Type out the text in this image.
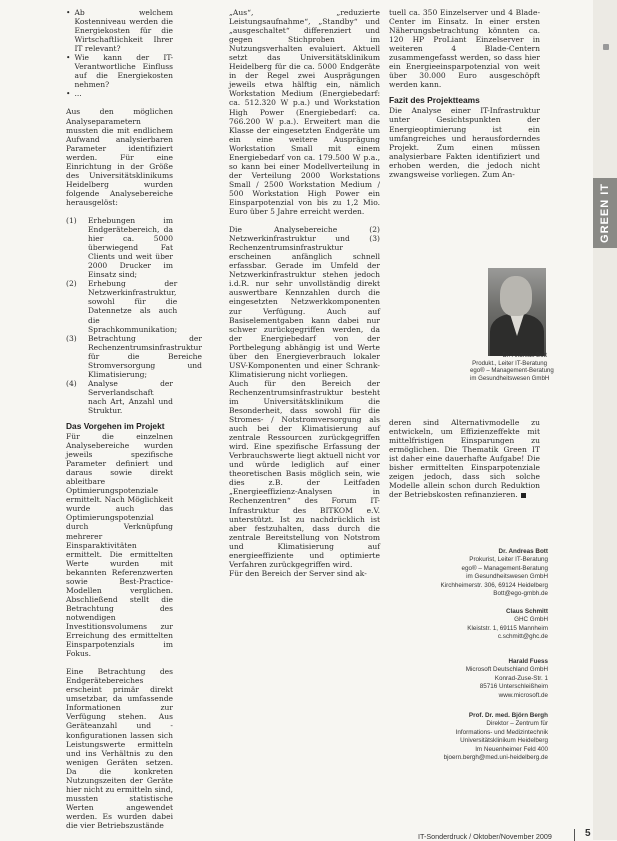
GREEN IT
• Ab welchem Kostenniveau werden die Energiekosten für die Wirtschaftlichkeit Ihrer IT relevant?
• Wie kann der IT-Verantwortliche Einfluss auf die Energiekosten nehmen?
• ...

Aus den möglichen Analyseparametern mussten die mit endlichem Aufwand analysierbaren Parameter identifiziert werden. Für eine Einrichtung in der Größe des Universitätsklinikums Heidelberg wurden folgende Analysebereiche herausgelöst:

(1)	Erhebungen im Endgerätebereich, da hier ca. 5000 überwiegend Fat Clients und weit über 2000 Drucker im Einsatz sind;
(2)	Erhebung der Netzwerkinfrastruktur, sowohl für die Datennetze als auch die Sprachkommunikation;
(3)	Betrachtung der Rechenzentrumsinfrastruktur für die Bereiche Stromversorgung und Klimatisierung;
(4)	Analyse der Serverlandschaft nach Art, Anzahl und Struktur.
Das Vorgehen im Projekt

Für die einzelnen Analysebereiche wurden jeweils spezifische Parameter definiert und daraus sowie direkt ableitbare Optimierungspotenziale ermittelt. Nach Möglichkeit wurde auch das Optimierungspotenzial durch Verknüpfung mehrerer Einsparaktivitäten ermittelt. Die ermittelten Werte wurden mit bekannten Referenzwerten sowie Best-Practice-Modellen verglichen. Abschließend stellt die Betrachtung des notwendigen Investitionsvolumens zur Erreichung des ermittelten Einsparpotenzials im Fokus.

Eine Betrachtung des Endgerätebereiches erscheint primär direkt umsetzbar, da umfassende Informationen zur Verfügung stehen. Aus Geräteanzahl und -konfigurationen lassen sich Leistungswerte ermitteln und ins Verhältnis zu den wenigen Geräten setzen. Da die konkreten Nutzungszeiten der Geräte hier nicht zu ermitteln sind, mussten statistische Werten angewendet werden. Es wurden dabei die vier Betriebszustände

„Aus“, „reduzierte Leistungsaufnahme“, „Standby“ und „ausgeschaltet“ differenziert und gegen Stichproben im Nutzungsverhalten evaluiert. Aktuell setzt das Universitätsklinikum Heidelberg für die ca. 5000 Endgeräte in der Regel zwei Ausprägungen jeweils etwa hälftig ein, nämlich Workstation Medium (Energiebedarf: ca. 512.320 W p.a.) und Workstation High Power (Energiebedarf: ca. 766.200 W p.a.). Erweitert man die Klasse der eingesetzten Endgeräte um ein eine weitere Ausprägung Workstation Small mit einem Energiebedarf von ca. 179.500 W p.a., so kann bei einer Modellverteilung in der Verteilung 2000 Workstations Small / 2500 Workstation Medium / 500 Workstation High Power ein Einsparpotenzial von bis zu 1,2 Mio. Euro über 5 Jahre erreicht werden.

Die Analysebereiche (2) Netzwerkinfrastruktur und (3) Rechenzentrumsinfrastruktur erscheinen anfänglich schnell erfassbar. Gerade im Umfeld der Netzwerkinfrastruktur stehen jedoch i.d.R. nur sehr unvollständig direkt auswertbare Kennzahlen durch die eingesetzten Netzwerkkomponenten zur Verfügung. Auch auf Basiselementgaben kann dabei nur schwer zurückgegriffen werden, da der Energiebedarf von der Portbelegung abhängig ist und Werte über den Energieverbrauch lokaler USV-Komponenten und einer Schrank-Klimatisierung nicht vorliegen.

Auch für den Bereich der Rechenzentrumsinfrastruktur besteht im Universitätsklinikum die Besonderheit, dass sowohl für die Stromes- / Notstromversorgung als auch bei der Klimatisierung auf zentrale Ressourcen zurückgegriffen wird. Eine spezifische Erfassung der Verbrauchswerte liegt aktuell nicht vor und würde lediglich auf einer theoretischen Basis möglich sein, wie dies z.B. der Leitfaden „Energieeffizienz-Analysen in Rechenzentren“ des Forum IT-Infrastruktur des BITKOM e.V. unterstützt. Ist zu nachdrücklich ist aber festzuhalten, dass durch die zentrale Bereitstellung von Notstrom und Klimatisierung auf energieeffiziente und optimierte Verfahren zurückgegriffen wird.

Für den Bereich der Server sind ak-

tuell ca. 350 Einzelserver und 4 Blade-Center im Einsatz. In einer ersten Näherungsbetrachtung könnten ca. 120 HP ProLiant Einzelserver in weiteren 4 Blade-Centern zusammengefasst werden, so dass hier ein Energieeinsparpotenzial von weit über 30.000 Euro ausgeschöpft werden kann.

Fazit des Projektteams

Die Analyse einer IT-Infrastruktur unter Gesichtspunkten der Energieoptimierung ist ein umfangreiches und herausforderndes Projekt. Zum einen müssen analysierbare Fakten identifiziert und erhoben werden, die jedoch nicht zwangsweise vorliegen. Zum An-

Dr. Andreas Bott
Produkt., Leiter IT-Beratung
ego® – Management-Beratung
im Gesundheitswesen GmbH

deren sind Alternativmodelle zu entwickeln, um Effizienzeffekte mit mittelfristigen Einsparungen zu ermöglichen. Die Thematik Green IT ist daher eine dauerhafte Aufgabe! Die bisher ermittelten Einsparpotenziale zeigen jedoch, dass sich solche Modelle allein schon durch Reduktion der Betriebskosten refinanzieren.

Dr. Andreas Bott
Prokurist, Leiter IT-Beratung
ego® – Management-Beratung
im Gesundheitswesen GmbH
Kirchheimerstr. 306, 69124 Heidelberg
Bott@ego-gmbh.de
Claus Schmitt
GHC GmbH
Kleiststr. 1, 69115 Mannheim
c.schmitt@ghc.de
Harald Fuess
Microsoft Deutschland GmbH
Konrad-Zuse-Str. 1
85716 Unterschleißheim
www.microsoft.de
Prof. Dr. med. Björn Bergh
Direktor – Zentrum für
Informations- und Medizintechnik
Universitätsklinikum Heidelberg
Im Neuenheimer Feld 400
bjoern.bergh@med.uni-heidelberg.de
IT-Sonderdruck / Oktober/November 2009	5
